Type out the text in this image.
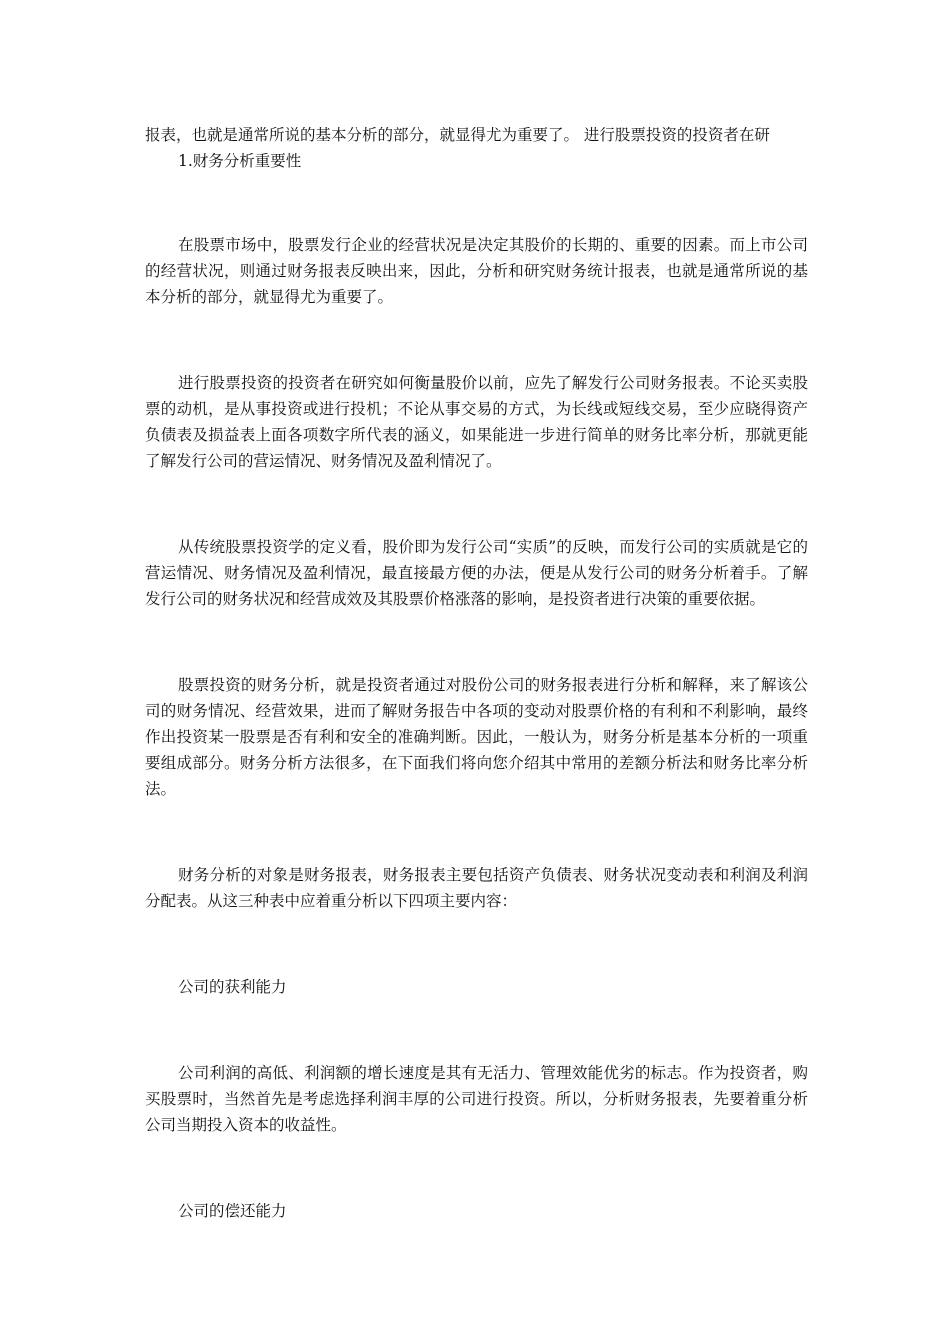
报表，也就是通常所说的基本分析的部分，就显得尤为重要了。 进行股票投资的投资者在研

1.财务分析重要性

在股票市场中，股票发行企业的经营状况是决定其股价的长期的、重要的因素。而上市公司的经营状况，则通过财务报表反映出来，因此，分析和研究财务统计报表，也就是通常所说的基本分析的部分，就显得尤为重要了。

进行股票投资的投资者在研究如何衡量股价以前，应先了解发行公司财务报表。不论买卖股票的动机，是从事投资或进行投机；不论从事交易的方式，为长线或短线交易，至少应晓得资产负债表及损益表上面各项数字所代表的涵义，如果能进一步进行简单的财务比率分析，那就更能了解发行公司的营运情况、财务情况及盈利情况了。

从传统股票投资学的定义看，股价即为发行公司“实质”的反映，而发行公司的实质就是它的营运情况、财务情况及盈利情况，最直接最方便的办法，便是从发行公司的财务分析着手。了解发行公司的财务状况和经营成效及其股票价格涨落的影响，是投资者进行决策的重要依据。

股票投资的财务分析，就是投资者通过对股份公司的财务报表进行分析和解释，来了解该公司的财务情况、经营效果，进而了解财务报告中各项的变动对股票价格的有利和不利影响，最终作出投资某一股票是否有利和安全的准确判断。因此，一般认为，财务分析是基本分析的一项重要组成部分。财务分析方法很多，在下面我们将向您介绍其中常用的差额分析法和财务比率分析法。

财务分析的对象是财务报表，财务报表主要包括资产负债表、财务状况变动表和利润及利润分配表。从这三种表中应着重分析以下四项主要内容：

公司的获利能力

公司利润的高低、利润额的增长速度是其有无活力、管理效能优劣的标志。作为投资者，购买股票时，当然首先是考虑选择利润丰厚的公司进行投资。所以，分析财务报表，先要着重分析公司当期投入资本的收益性。

公司的偿还能力
